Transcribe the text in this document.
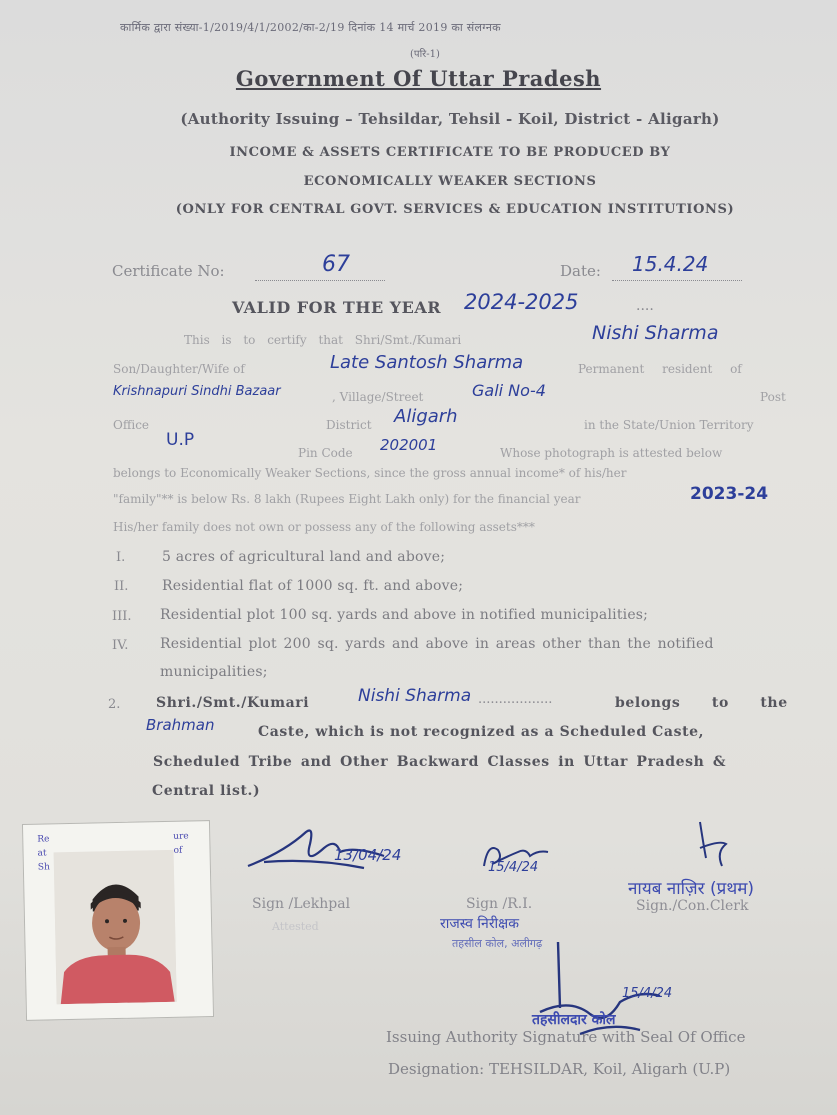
कार्मिक द्वारा संख्या-1/2019/4/1/2002/का-2/19 दिनांक 14 मार्च 2019 का संलग्नक
(परि-1)
Government Of Uttar Pradesh
(Authority Issuing – Tehsildar, Tehsil - Koil, District - Aligarh)
INCOME & ASSETS CERTIFICATE TO BE PRODUCED BY
ECONOMICALLY WEAKER SECTIONS
(ONLY FOR CENTRAL GOVT. SERVICES & EDUCATION INSTITUTIONS)
Certificate No:	67	Date: 15.4.24
VALID FOR THE YEAR 2024-2025	....
This is to certify that Shri/Smt./Kumari	Nishi Sharma
Son/Daughter/Wife of	Late Santosh Sharma	Permanent resident of
Krishnapuri Sindhi Bazaar	, Village/Street	Gali No-4	Post
Office	District Aligarh	in the State/Union Territory
U.P
Pin Code 202001	Whose photograph is attested below
belongs to Economically Weaker Sections, since the gross annual income* of his/her
"family"** is below Rs. 8 lakh (Rupees Eight Lakh only) for the financial year	2023-24
His/her family does not own or possess any of the following assets***
I.	5 acres of agricultural land and above;
II. Residential flat of 1000 sq. ft. and above;
III. Residential plot 100 sq. yards and above in notified municipalities;
IV. Residential plot 200 sq. yards and above in areas other than the notified
municipalities;
2.	Shri./Smt./Kumari	Nishi Sharma ..................	belongs to the
Brahman	Caste, which is not recognized as a Scheduled Caste,
Scheduled Tribe and Other Backward Classes in Uttar Pradesh &
Central list.)
Re
at
Sh
ure
of	13/04/24
Sign /Lekhpal
Attested
15/4/24
Sign /R.I.
राजस्व निरीक्षक
तहसील कोल, अलीगढ़
नायब नाज़िर (प्रथम)
Sign./Con.Clerk
तहसीलदार कोल
15/4/24
Issuing Authority Signature with Seal Of Office
Designation: TEHSILDAR, Koil, Aligarh (U.P)
